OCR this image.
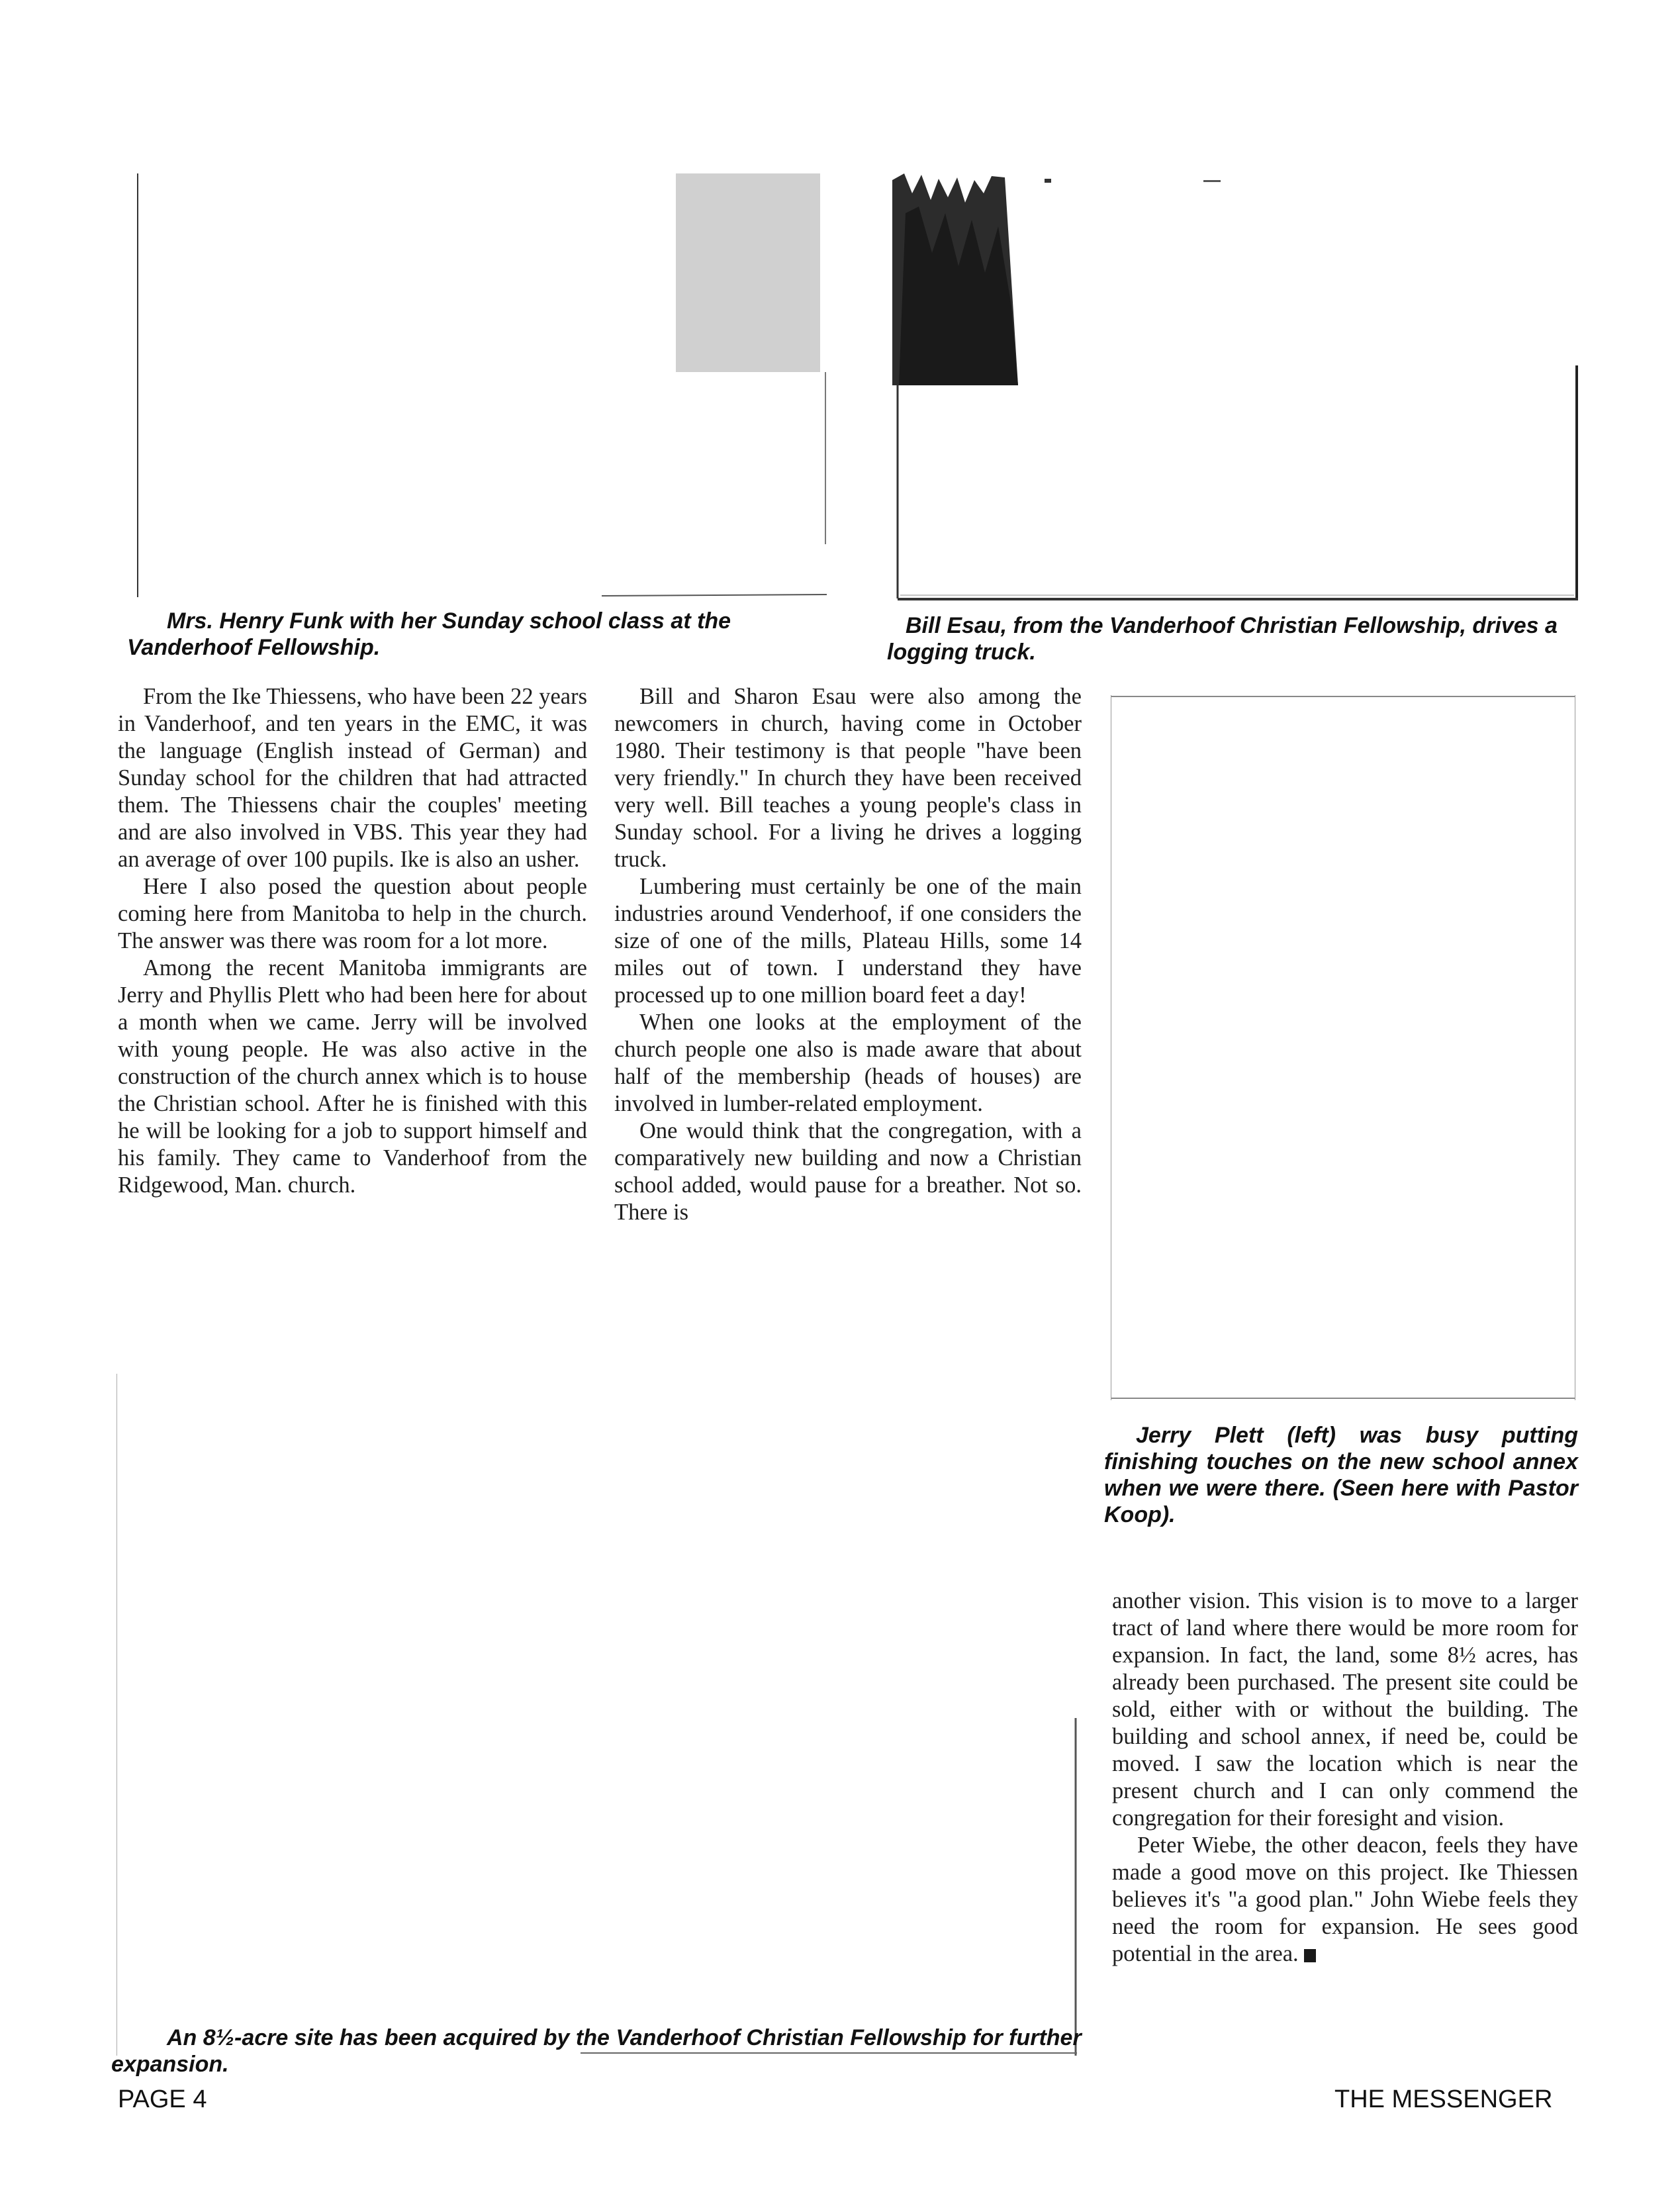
Mrs. Henry Funk with her Sunday school class at the Vanderhoof Fellowship.

Bill Esau, from the Vanderhoof Christian Fellowship, drives a logging truck.

From the Ike Thiessens, who have been 22 years in Vanderhoof, and ten years in the EMC, it was the language (English instead of German) and Sunday school for the children that had attracted them. The Thiessens chair the couples' meeting and are also involved in VBS. This year they had an average of over 100 pupils. Ike is also an usher.

Here I also posed the question about people coming here from Manitoba to help in the church. The answer was there was room for a lot more.

Among the recent Manitoba immigrants are Jerry and Phyllis Plett who had been here for about a month when we came. Jerry will be involved with young people. He was also active in the construction of the church annex which is to house the Christian school. After he is finished with this he will be looking for a job to support himself and his family. They came to Vanderhoof from the Ridgewood, Man. church.

Bill and Sharon Esau were also among the newcomers in church, having come in October 1980. Their testimony is that people "have been very friendly." In church they have been received very well. Bill teaches a young people's class in Sunday school. For a living he drives a logging truck.

Lumbering must certainly be one of the main industries around Venderhoof, if one considers the size of one of the mills, Plateau Hills, some 14 miles out of town. I understand they have processed up to one million board feet a day!

When one looks at the employment of the church people one also is made aware that about half of the membership (heads of houses) are involved in lumber-related employment.

One would think that the congregation, with a comparatively new building and now a Christian school added, would pause for a breather. Not so. There is

Jerry Plett (left) was busy putting finishing touches on the new school annex when we were there. (Seen here with Pastor Koop).

An 8½-acre site has been acquired by the Vanderhoof Christian Fellowship for further expansion.

another vision. This vision is to move to a larger tract of land where there would be more room for expansion. In fact, the land, some 8½ acres, has already been purchased. The present site could be sold, either with or without the building. The building and school annex, if need be, could be moved. I saw the location which is near the present church and I can only commend the congregation for their foresight and vision.

Peter Wiebe, the other deacon, feels they have made a good move on this project. Ike Thiessen believes it's "a good plan." John Wiebe feels they need the room for expansion. He sees good potential in the area.

PAGE 4	THE MESSENGER
